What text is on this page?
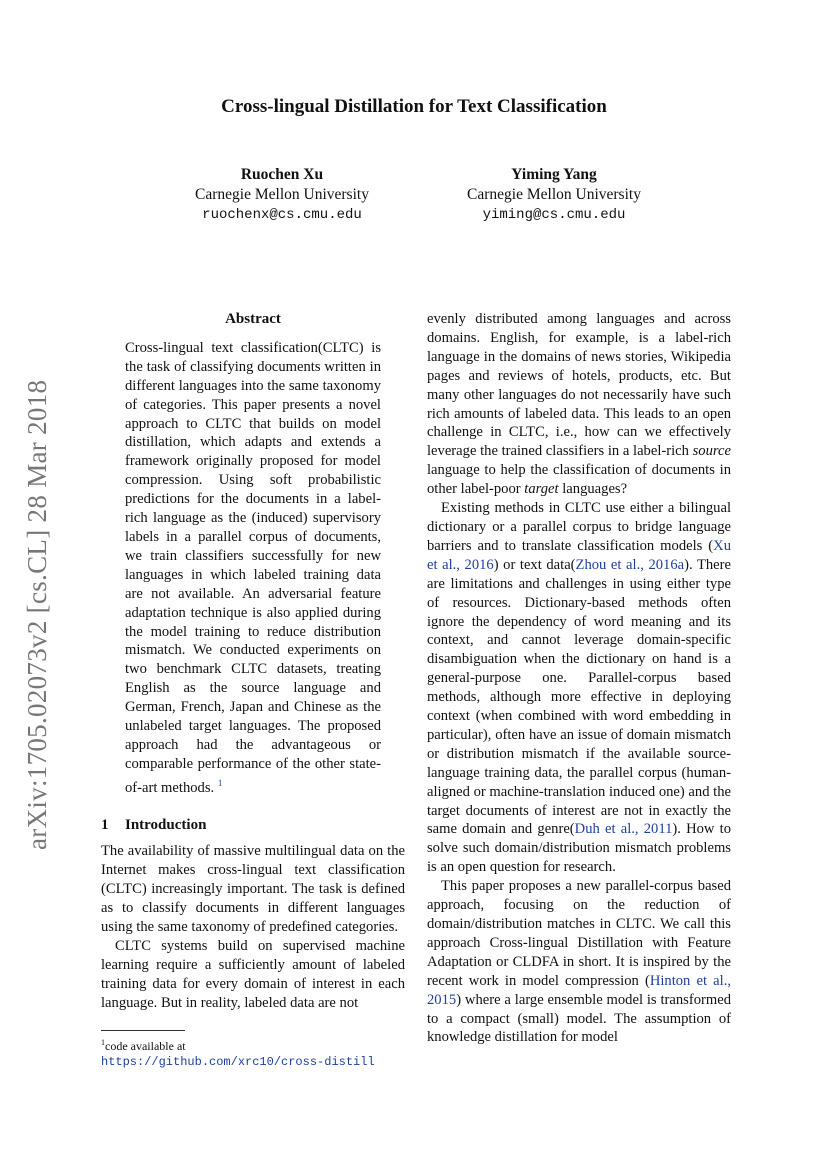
arXiv:1705.02073v2 [cs.CL] 28 Mar 2018
Cross-lingual Distillation for Text Classification
Ruochen Xu
Carnegie Mellon University
ruochenx@cs.cmu.edu
Yiming Yang
Carnegie Mellon University
yiming@cs.cmu.edu
Abstract

Cross-lingual text classification(CLTC) is the task of classifying documents written in different languages into the same taxonomy of categories. This paper presents a novel approach to CLTC that builds on model distillation, which adapts and extends a framework originally proposed for model compression. Using soft probabilistic predictions for the documents in a label-rich language as the (induced) supervisory labels in a parallel corpus of documents, we train classifiers successfully for new languages in which labeled training data are not available. An adversarial feature adaptation technique is also applied during the model training to reduce distribution mismatch. We conducted experiments on two benchmark CLTC datasets, treating English as the source language and German, French, Japan and Chinese as the unlabeled target languages. The proposed approach had the advantageous or comparable performance of the other state-of-art methods. $^1$

1 Introduction

The availability of massive multilingual data on the Internet makes cross-lingual text classification (CLTC) increasingly important. The task is defined as to classify documents in different languages using the same taxonomy of predefined categories.

CLTC systems build on supervised machine learning require a sufficiently amount of labeled training data for every domain of interest in each language. But in reality, labeled data are not

$^1$code available at https://github.com/xrc10/cross-distill

evenly distributed among languages and across domains. English, for example, is a label-rich language in the domains of news stories, Wikipedia pages and reviews of hotels, products, etc. But many other languages do not necessarily have such rich amounts of labeled data. This leads to an open challenge in CLTC, i.e., how can we effectively leverage the trained classifiers in a label-rich source language to help the classification of documents in other label-poor target languages?

Existing methods in CLTC use either a bilingual dictionary or a parallel corpus to bridge language barriers and to translate classification models (Xu et al., 2016) or text data(Zhou et al., 2016a). There are limitations and challenges in using either type of resources. Dictionary-based methods often ignore the dependency of word meaning and its context, and cannot leverage domain-specific disambiguation when the dictionary on hand is a general-purpose one. Parallel-corpus based methods, although more effective in deploying context (when combined with word embedding in particular), often have an issue of domain mismatch or distribution mismatch if the available source-language training data, the parallel corpus (human-aligned or machine-translation induced one) and the target documents of interest are not in exactly the same domain and genre(Duh et al., 2011). How to solve such domain/distribution mismatch problems is an open question for research.

This paper proposes a new parallel-corpus based approach, focusing on the reduction of domain/distribution matches in CLTC. We call this approach Cross-lingual Distillation with Feature Adaptation or CLDFA in short. It is inspired by the recent work in model compression (Hinton et al., 2015) where a large ensemble model is transformed to a compact (small) model. The assumption of knowledge distillation for model
